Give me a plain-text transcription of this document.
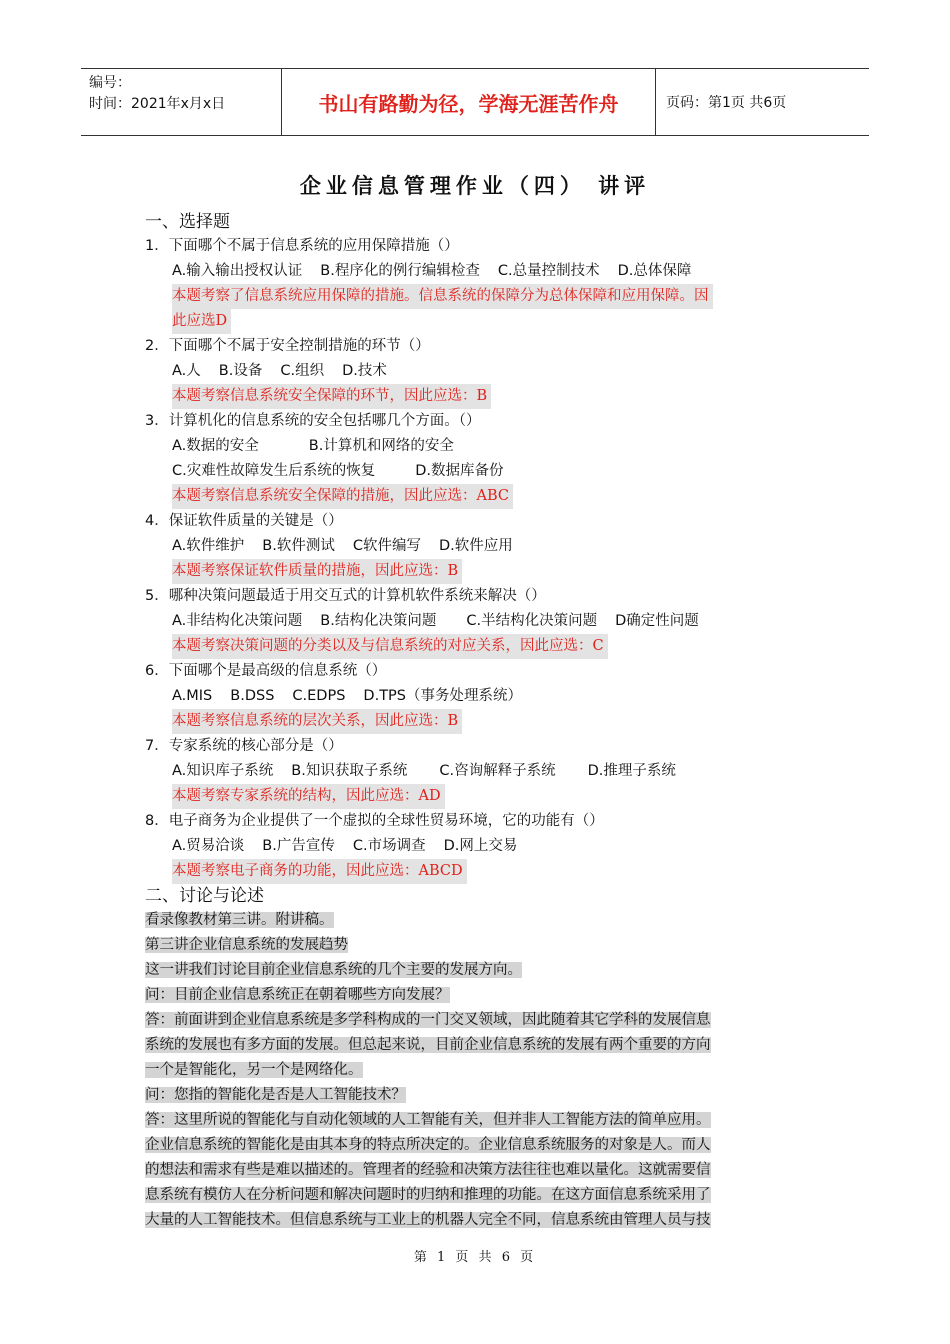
编号：
时间：2021年x月x日	书山有路勤为径，学海无涯苦作舟	页码：第1页 共6页
企业信息管理作业（四） 讲评
一、选择题
1．下面哪个不属于信息系统的应用保障措施（）
A.输入输出授权认证 B.程序化的例行编辑检查 C.总量控制技术 D.总体保障
本题考察了信息系统应用保障的措施。信息系统的保障分为总体保障和应用保障。因
此应选D
2．下面哪个不属于安全控制措施的环节（）
A.人 B.设备 C.组织 D.技术
本题考察信息系统安全保障的环节，因此应选：B
3．计算机化的信息系统的安全包括哪几个方面。（）
A.数据的安全	B.计算机和网络的安全
C.灾难性故障发生后系统的恢复	D.数据库备份
本题考察信息系统安全保障的措施，因此应选：ABC
4．保证软件质量的关键是（）
A.软件维护 B.软件测试 C软件编写 D.软件应用
本题考察保证软件质量的措施，因此应选：B
5．哪种决策问题最适于用交互式的计算机软件系统来解决（）
A.非结构化决策问题 B.结构化决策问题 C.半结构化决策问题 D确定性问题
本题考察决策问题的分类以及与信息系统的对应关系，因此应选：C
6．下面哪个是最高级的信息系统（）
A.MIS B.DSS C.EDPS D.TPS（事务处理系统）
本题考察信息系统的层次关系，因此应选：B
7．专家系统的核心部分是（）
A.知识库子系统 B.知识获取子系统 C.咨询解释子系统 D.推理子系统
本题考察专家系统的结构，因此应选：AD
8．电子商务为企业提供了一个虚拟的全球性贸易环境，它的功能有（）
A.贸易洽谈 B.广告宣传 C.市场调查 D.网上交易
本题考察电子商务的功能，因此应选：ABCD
二、讨论与论述
看录像教材第三讲。附讲稿。
第三讲企业信息系统的发展趋势
这一讲我们讨论目前企业信息系统的几个主要的发展方向。
问：目前企业信息系统正在朝着哪些方向发展？
答：前面讲到企业信息系统是多学科构成的一门交叉领域，因此随着其它学科的发展信息
系统的发展也有多方面的发展。但总起来说，目前企业信息系统的发展有两个重要的方向
一个是智能化，另一个是网络化。
问：您指的智能化是否是人工智能技术？
答：这里所说的智能化与自动化领域的人工智能有关，但并非人工智能方法的简单应用。
企业信息系统的智能化是由其本身的特点所决定的。企业信息系统服务的对象是人。而人
的想法和需求有些是难以描述的。管理者的经验和决策方法往往也难以量化。这就需要信
息系统有模仿人在分析问题和解决问题时的归纳和推理的功能。在这方面信息系统采用了
大量的人工智能技术。但信息系统与工业上的机器人完全不同，信息系统由管理人员与技
第 1 页 共 6 页
